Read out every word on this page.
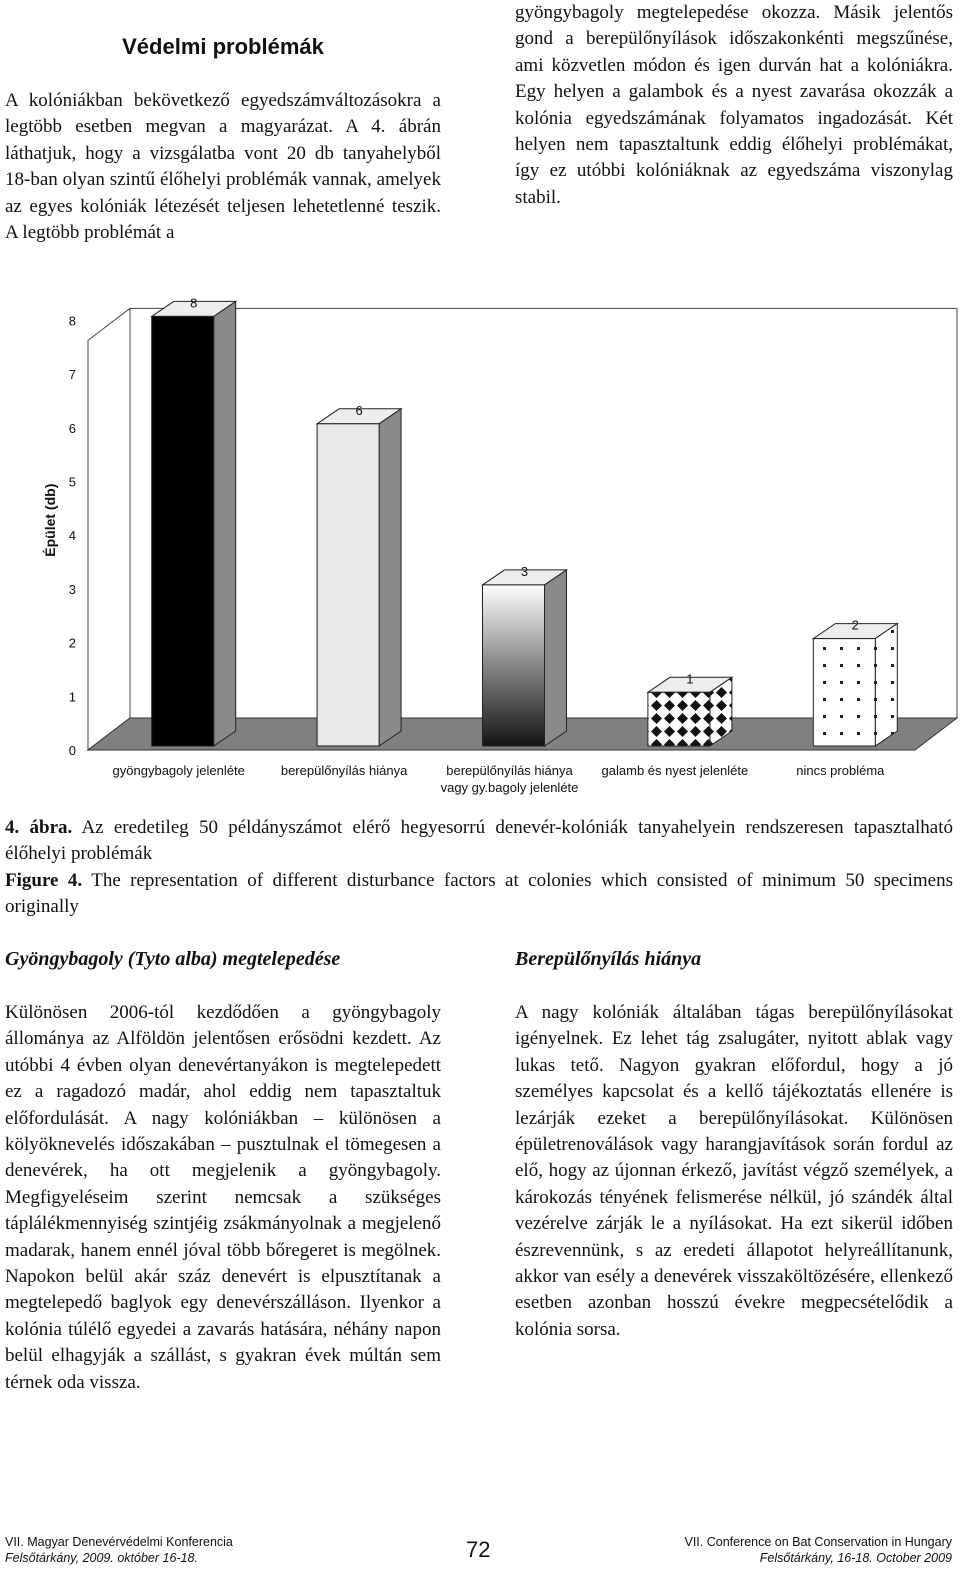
Védelmi problémák

A kolóniákban bekövetkező egyedszámváltozásokra a legtöbb esetben megvan a magyarázat. A 4. ábrán láthatjuk, hogy a vizsgálatba vont 20 db tanyahelyből 18-ban olyan szintű élőhelyi problémák vannak, amelyek az egyes kolóniák létezését teljesen lehetetlenné teszik. A legtöbb problémát a

gyöngybagoly megtelepedése okozza. Másik jelentős gond a berepülőnyílások időszakonkénti megszűnése, ami közvetlen módon és igen durván hat a kolóniákra. Egy helyen a galambok és a nyest zavarása okozzák a kolónia egyedszámának folyamatos ingadozását. Két helyen nem tapasztaltunk eddig élőhelyi problémákat, így ez utóbbi kolóniáknak az egyedszáma viszonylag stabil.

0
1
2
3
4
5
6
7
8
Épület (db)
8
6
3
1
2
gyöngybagoly jelenléte	berepülőnyílás hiánya	berepülőnyílás hiánya
vagy gy.bagoly jelenléte
galamb és nyest jelenléte	nincs probléma
4. ábra. Az eredetileg 50 példányszámot elérő hegyesorrú denevér-kolóniák tanyahelyein rendszeresen tapasztalható élőhelyi problémák
Figure 4. The representation of different disturbance factors at colonies which consisted of minimum 50 specimens originally
Gyöngybagoly (Tyto alba) megtelepedése	Berepülőnyílás hiánya

Különösen 2006-tól kezdődően a gyöngybagoly állománya az Alföldön jelentősen erősödni kezdett. Az utóbbi 4 évben olyan denevértanyákon is megtelepedett ez a ragadozó madár, ahol eddig nem tapasztaltuk előfordulását. A nagy kolóniákban – különösen a kölyöknevelés időszakában – pusztulnak el tömegesen a denevérek, ha ott megjelenik a gyöngybagoly. Megfigyeléseim szerint nemcsak a szükséges táplálékmennyiség szintjéig zsákmányolnak a megjelenő madarak, hanem ennél jóval több bőregeret is megölnek. Napokon belül akár száz denevért is elpusztítanak a megtelepedő baglyok egy denevérszálláson. Ilyenkor a kolónia túlélő egyedei a zavarás hatására, néhány napon belül elhagyják a szállást, s gyakran évek múltán sem térnek oda vissza.

A nagy kolóniák általában tágas berepülőnyílásokat igényelnek. Ez lehet tág zsalugáter, nyitott ablak vagy lukas tető. Nagyon gyakran előfordul, hogy a jó személyes kapcsolat és a kellő tájékoztatás ellenére is lezárják ezeket a berepülőnyílásokat. Különösen épületrenoválások vagy harangjavítások során fordul az elő, hogy az újonnan érkező, javítást végző személyek, a károkozás tényének felismerése nélkül, jó szándék által vezérelve zárják le a nyílásokat. Ha ezt sikerül időben észrevennünk, s az eredeti állapotot helyreállítanunk, akkor van esély a denevérek visszaköltözésére, ellenkező esetben azonban hosszú évekre megpecsételődik a kolónia sorsa.

VII. Magyar Denevérvédelmi Konferencia
Felsőtárkány, 2009. október 16-18.	72	VII. Conference on Bat Conservation in Hungary
Felsőtárkány, 16-18. October 2009
